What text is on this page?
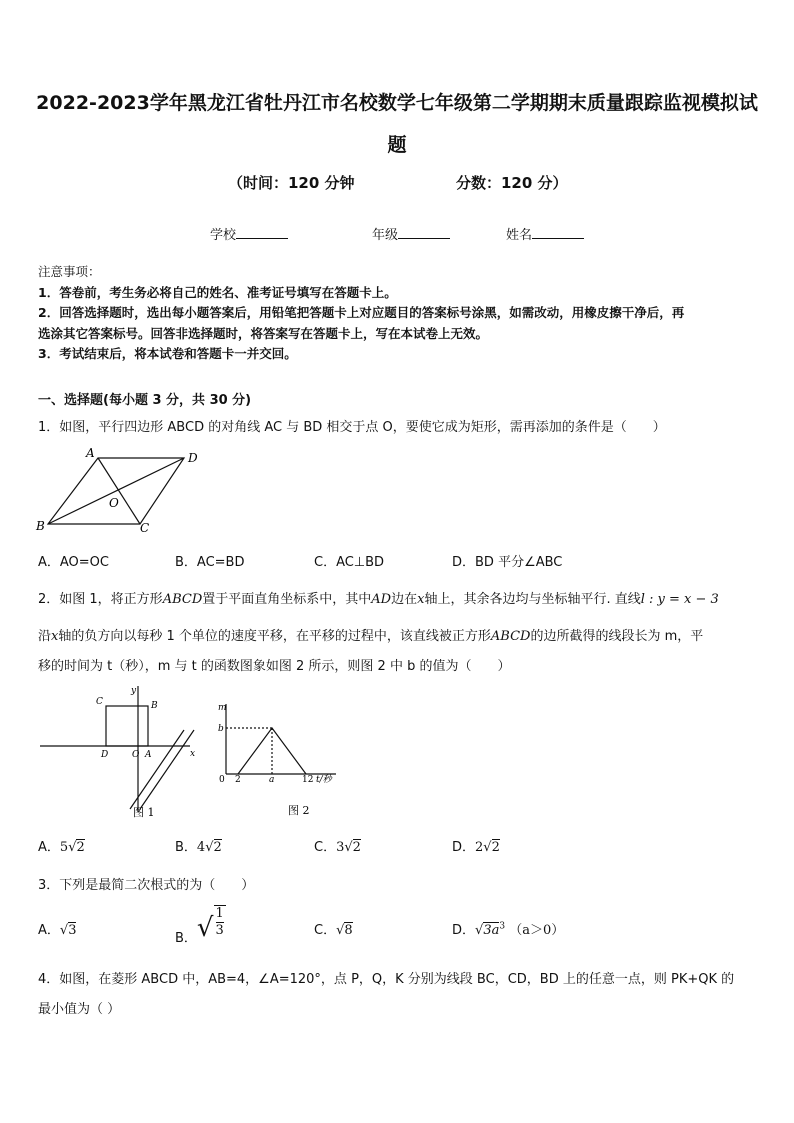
2022-2023学年黑龙江省牡丹江市名校数学七年级第二学期期末质量跟踪监视模拟试
题
（时间：120 分钟	分数：120 分）
学校	年级	姓名
注意事项：
1．答卷前，考生务必将自己的姓名、准考证号填写在答题卡上。
2．回答选择题时，选出每小题答案后，用铅笔把答题卡上对应题目的答案标号涂黑，如需改动，用橡皮擦干净后，再
选涂其它答案标号。回答非选择题时，将答案写在答题卡上，写在本试卷上无效。
3．考试结束后，将本试卷和答题卡一并交回。
一、选择题(每小题 3 分，共 30 分)
1．如图，平行四边形 ABCD 的对角线 AC 与 BD 相交于点 O，要使它成为矩形，需再添加的条件是（　　）
A	D
B	C
O
A．AO=OC	B．AC=BD	C．AC⊥BD	D．BD 平分∠ABC
2．如图 1，将正方形ABCD置于平面直角坐标系中，其中AD边在x轴上，其余各边均与坐标轴平行. 直线l : y = x − 3
沿x轴的负方向以每秒 1 个单位的速度平移，在平移的过程中，该直线被正方形ABCD的边所截得的线段长为 m，平
移的时间为 t（秒），m 与 t 的函数图象如图 2 所示，则图 2 中 b 的值为（　　）
C	B
D	O A	x
y
图 1
m
b
0 2	a	12 t/秒
图 2
A．5√2	B．4√2	C．3√2	D．2√2
3．下列是最简二次根式的为（　　）
A．√3
B．√ $\frac{1}{3}$	C．√8	D．$√3a^3$ （a＞0）
4．如图，在菱形 ABCD 中，AB=4，∠A=120°，点 P，Q，K 分别为线段 BC，CD，BD 上的任意一点，则 PK+QK 的
最小值为（ ）
